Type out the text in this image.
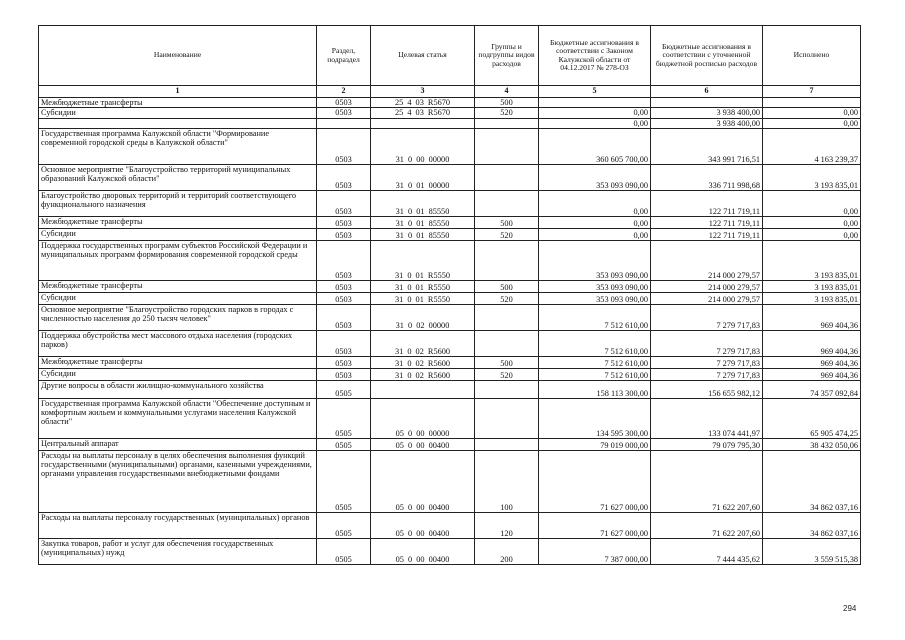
Наименование	Раздел, подраздел	Целевая статья	Группы и подгруппы видов расходов	Бюджетные ассигнования в соответствии с Законом Калужской области от 04.12.2017 № 278-ОЗ	Бюджетные ассигнования в соответствии с уточненной бюджетной росписью расходов	Исполнено
1	2	3	4	5	6	7
Межбюджетные трансферты	0503	25 4 03 R5670	500			
Субсидии	0503	25 4 03 R5670	520	0,00	3 938 400,00	0,00
				0,00	3 938 400,00	0,00
Государственная программа Калужской области "Формирование современной городской среды в Калужской области"	0503	31 0 00 00000		360 605 700,00	343 991 716,51	4 163 239,37
Основное мероприятие "Благоустройство территорий муниципальных образований Калужской области"	0503	31 0 01 00000		353 093 090,00	336 711 998,68	3 193 835,01
Благоустройство дворовых территорий и территорий соответствующего функционального назначения	0503	31 0 01 85550		0,00	122 711 719,11	0,00
Межбюджетные трансферты	0503	31 0 01 85550	500	0,00	122 711 719,11	0,00
Субсидии	0503	31 0 01 85550	520	0,00	122 711 719,11	0,00
Поддержка государственных программ субъектов Российской Федерации и муниципальных программ формирования современной городской среды	0503	31 0 01 R5550		353 093 090,00	214 000 279,57	3 193 835,01
Межбюджетные трансферты	0503	31 0 01 R5550	500	353 093 090,00	214 000 279,57	3 193 835,01
Субсидии	0503	31 0 01 R5550	520	353 093 090,00	214 000 279,57	3 193 835,01
Основное мероприятие "Благоустройство городских парков в городах с численностью населения до 250 тысяч человек"	0503	31 0 02 00000		7 512 610,00	7 279 717,83	969 404,36
Поддержка обустройства мест массового отдыха населения (городских парков)	0503	31 0 02 R5600		7 512 610,00	7 279 717,83	969 404,36
Межбюджетные трансферты	0503	31 0 02 R5600	500	7 512 610,00	7 279 717,83	969 404,36
Субсидии	0503	31 0 02 R5600	520	7 512 610,00	7 279 717,83	969 404,36
Другие вопросы в области жилищно-коммунального хозяйства	0505			158 113 300,00	156 655 982,12	74 357 092,84
Государственная программа Калужской области "Обеспечение доступным и комфортным жильем и коммунальными услугами населения Калужской области"	0505	05 0 00 00000		134 595 300,00	133 074 441,97	65 905 474,25
Центральный аппарат	0505	05 0 00 00400		79 019 000,00	79 079 795,30	38 432 050,06
Расходы на выплаты персоналу в целях обеспечения выполнения функций государственными (муниципальными) органами, казенными учреждениями, органами управления государственными внебюджетными фондами	0505	05 0 00 00400	100	71 627 000,00	71 622 207,60	34 862 037,16
Расходы на выплаты персоналу государственных (муниципальных) органов	0505	05 0 00 00400	120	71 627 000,00	71 622 207,60	34 862 037,16
Закупка товаров, работ и услуг для обеспечения государственных (муниципальных) нужд	0505	05 0 00 00400	200	7 387 000,00	7 444 435,62	3 559 515,38
294
